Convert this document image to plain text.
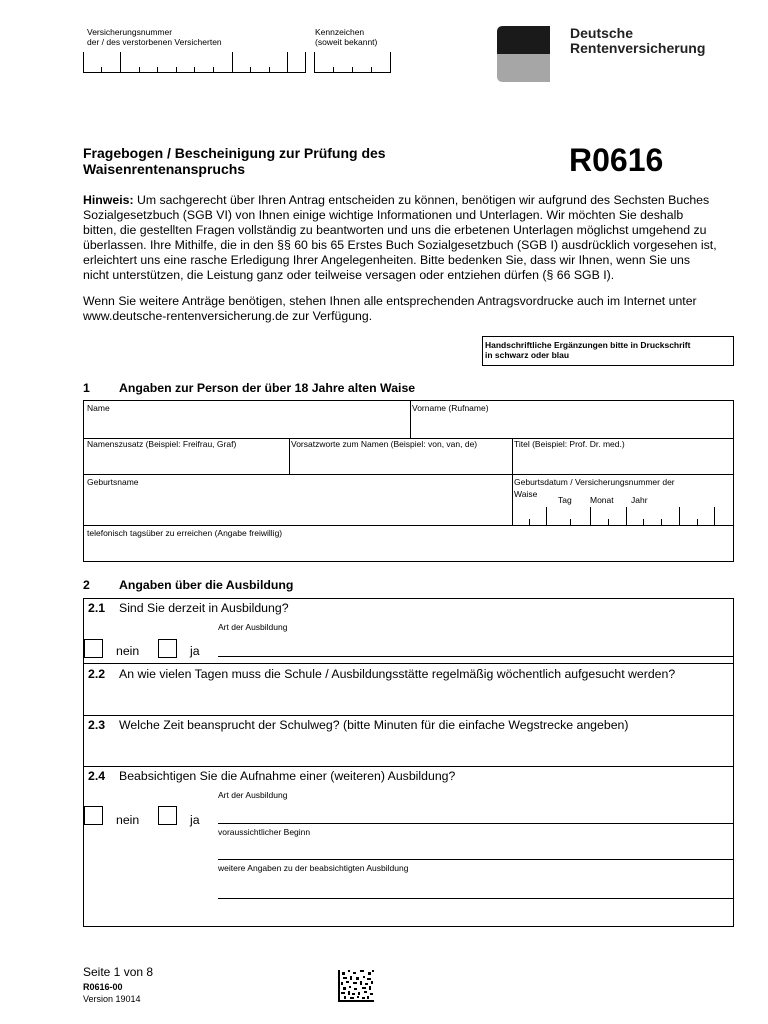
Versicherungsnummer
der / des verstorbenen Versicherten
Kennzeichen
(soweit bekannt)
Deutsche
Rentenversicherung
Fragebogen / Bescheinigung zur Prüfung des
Waisenrentenanspruchs	R0616
Hinweis: Um sachgerecht über Ihren Antrag entscheiden zu können, benötigen wir aufgrund des Sechsten Buches
Sozialgesetzbuch (SGB VI) von Ihnen einige wichtige Informationen und Unterlagen. Wir möchten Sie deshalb
bitten, die gestellten Fragen vollständig zu beantworten und uns die erbetenen Unterlagen möglichst umgehend zu
überlassen. Ihre Mithilfe, die in den §§ 60 bis 65 Erstes Buch Sozialgesetzbuch (SGB I) ausdrücklich vorgesehen ist,
erleichtert uns eine rasche Erledigung Ihrer Angelegenheiten. Bitte bedenken Sie, dass wir Ihnen, wenn Sie uns
nicht unterstützen, die Leistung ganz oder teilweise versagen oder entziehen dürfen (§ 66 SGB I).
Wenn Sie weitere Anträge benötigen, stehen Ihnen alle entsprechenden Antragsvordrucke auch im Internet unter
www.deutsche-rentenversicherung.de zur Verfügung.
Handschriftliche Ergänzungen bitte in Druckschrift
in schwarz oder blau
1 Angaben zur Person der über 18 Jahre alten Waise
Name	Vorname (Rufname)
Namenszusatz (Beispiel: Freifrau, Graf)	Vorsatzworte zum Namen (Beispiel: von, van, de)	Titel (Beispiel: Prof. Dr. med.)
Geburtsname	Geburtsdatum / Versicherungsnummer der
Waise
Tag Monat Jahr
telefonisch tagsüber zu erreichen (Angabe freiwillig)
2 Angaben über die Ausbildung
2.1 Sind Sie derzeit in Ausbildung?
Art der Ausbildung
nein	ja
2.2 An wie vielen Tagen muss die Schule / Ausbildungsstätte regelmäßig wöchentlich aufgesucht werden?
2.3 Welche Zeit beansprucht der Schulweg? (bitte Minuten für die einfache Wegstrecke angeben)
2.4 Beabsichtigen Sie die Aufnahme einer (weiteren) Ausbildung?
Art der Ausbildung
nein	ja
voraussichtlicher Beginn
weitere Angaben zu der beabsichtigten Ausbildung
Seite 1 von 8
R0616-00
Version 19014
